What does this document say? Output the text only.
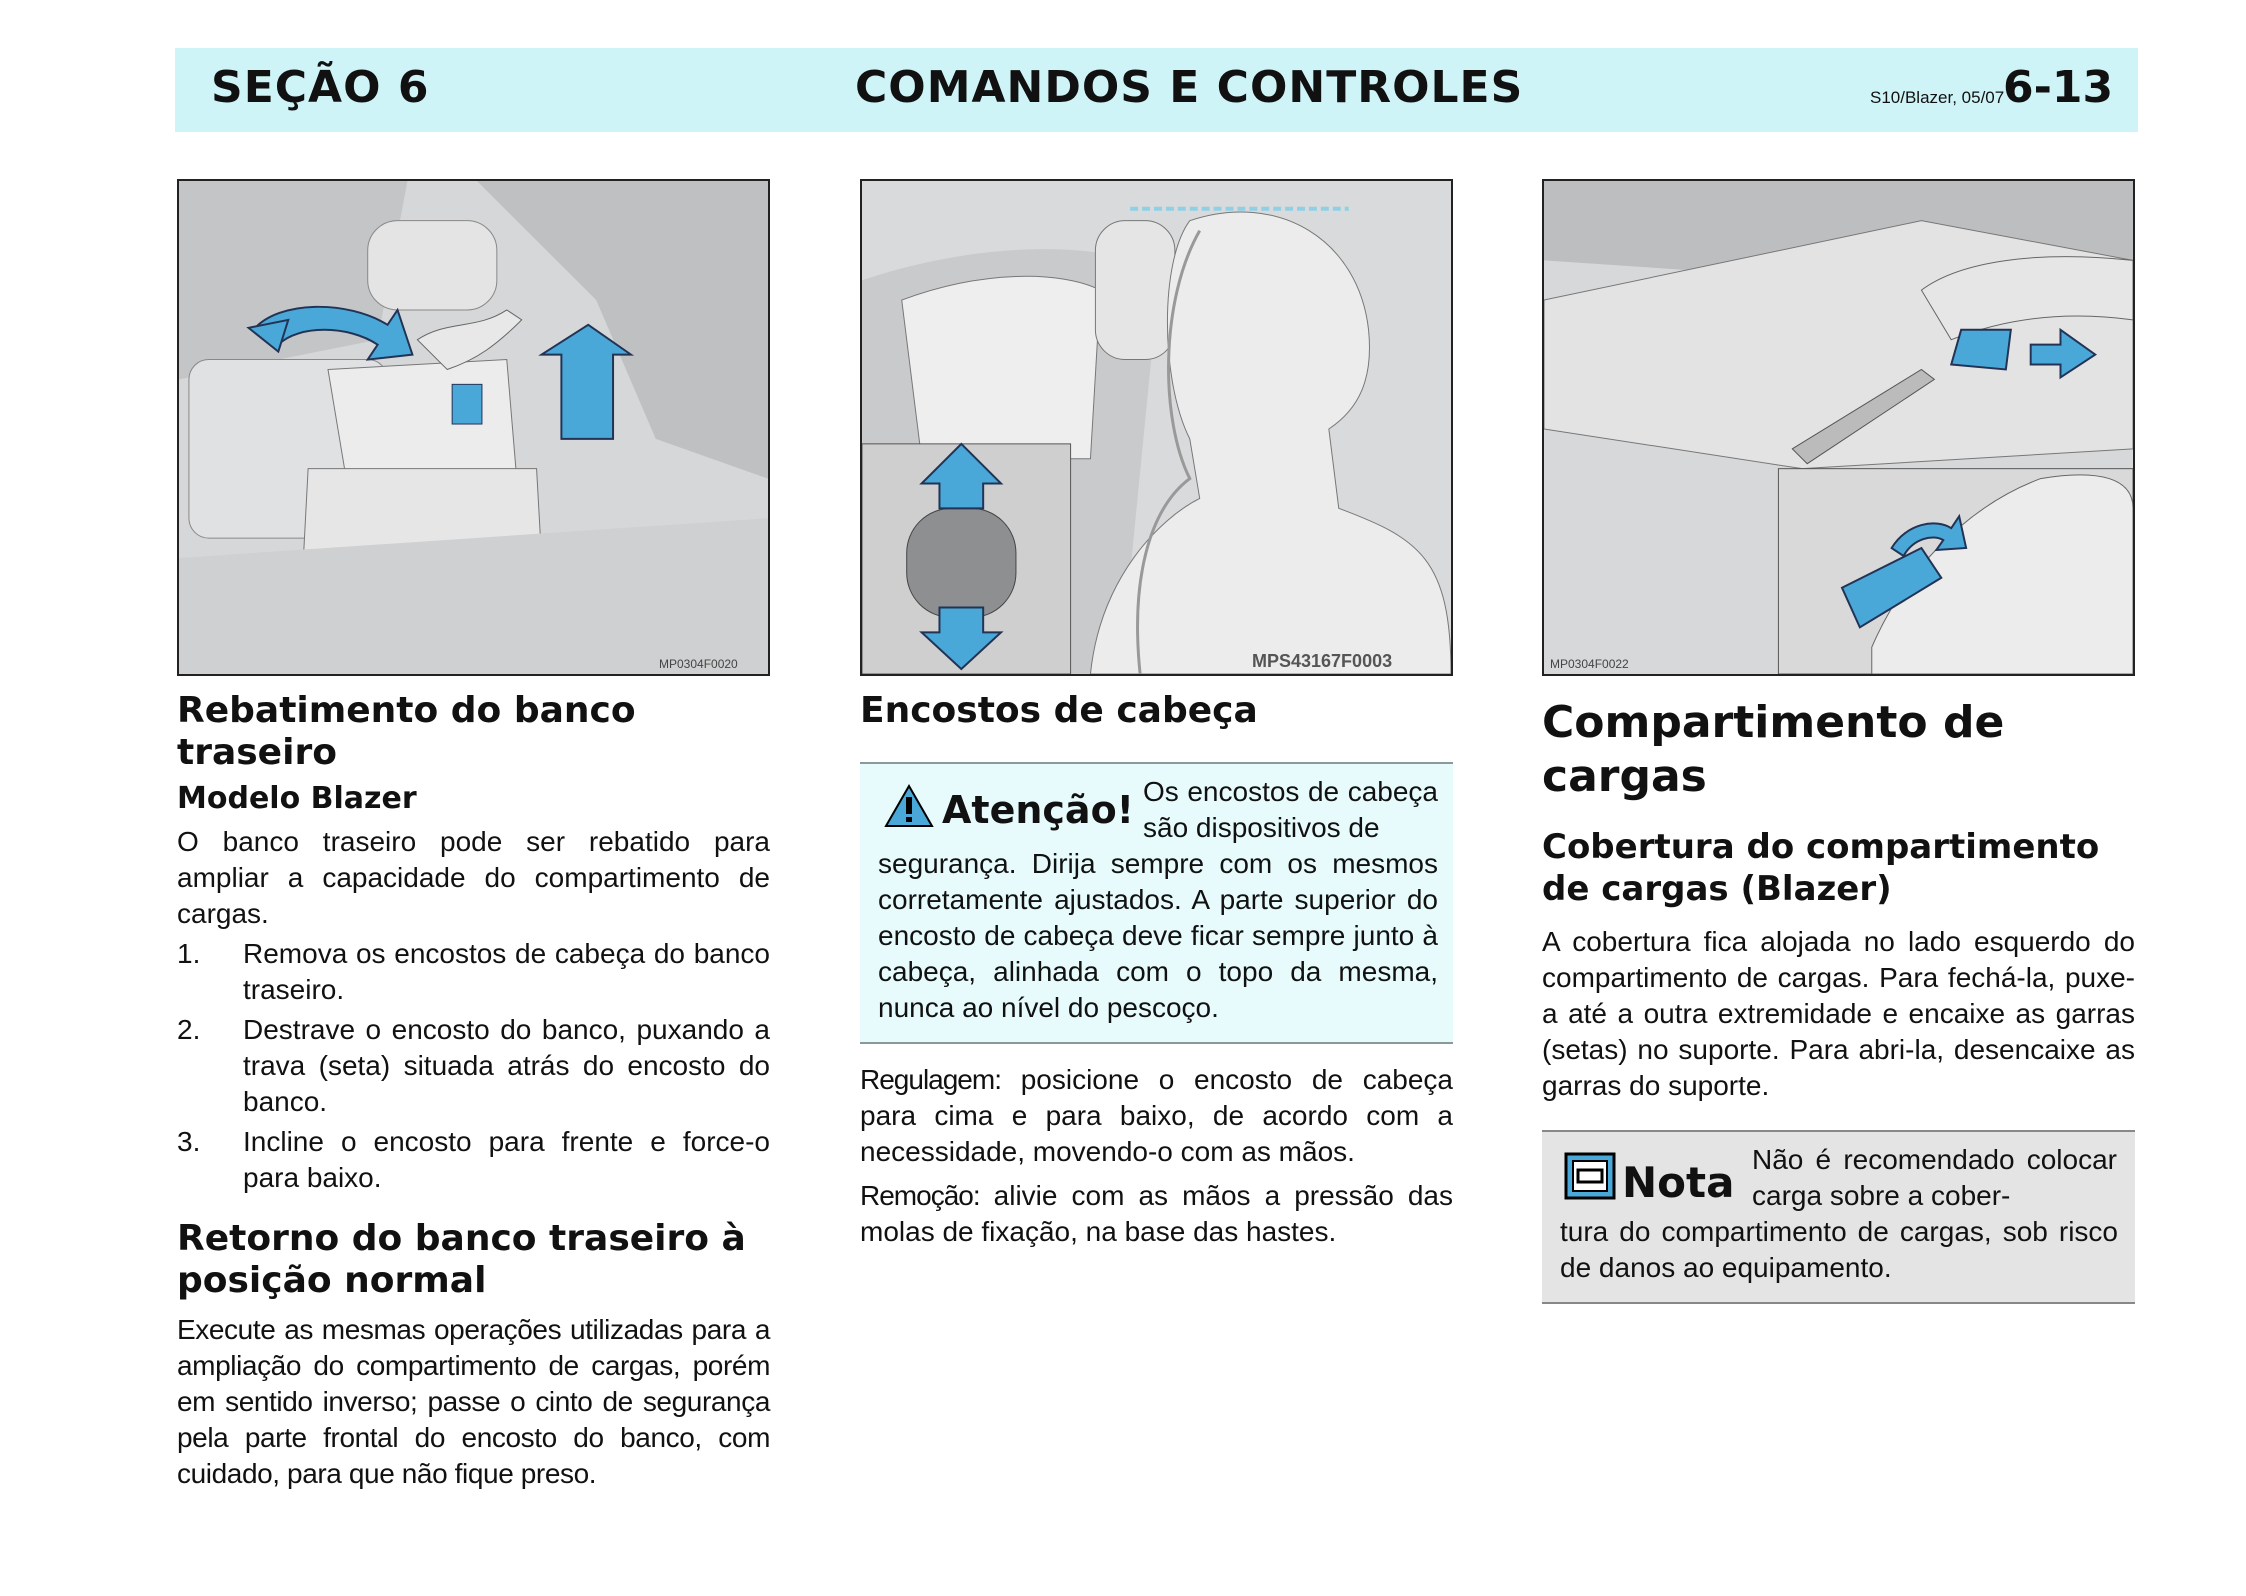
SEÇÃO 6	COMANDOS E CONTROLES	S10/Blazer, 05/07
6-13
MP0304F0020	MPS43167F0003	MP0304F0022
Rebatimento do banco traseiro
Modelo Blazer

O banco traseiro pode ser rebatido para ampliar a capacidade do compartimento de cargas.

1. Remova os encostos de cabeça do banco traseiro.
2. Destrave o encosto do banco, puxando a trava (seta) situada atrás do encosto do banco.
3. Incline o encosto para frente e force-o para baixo.
Retorno do banco traseiro à posição normal

Execute as mesmas operações utilizadas para a ampliação do compartimento de cargas, porém em sentido inverso; passe o cinto de segurança pela parte frontal do encosto do banco, com cuidado, para que não fique preso.

Encostos de cabeça
Atenção! Os encostos de cabeça são dispositivos de
segurança. Dirija sempre com os mesmos corretamente ajustados. A parte superior do encosto de cabeça deve ficar sempre junto à cabeça, alinhada com o topo da mesma, nunca ao nível do pescoço.

Regulagem: posicione o encosto de cabeça para cima e para baixo, de acordo com a necessidade, movendo-o com as mãos.

Remoção: alivie com as mãos a pressão das molas de fixação, na base das hastes.

Compartimento de cargas
Cobertura do compartimento de cargas (Blazer)

A cobertura fica alojada no lado esquerdo do compartimento de cargas. Para fechá-la, puxe-a até a outra extremidade e encaixe as garras (setas) no suporte. Para abri-la, desencaixe as garras do suporte.

Nota Não é recomendado colocar carga sobre a cober-
tura do compartimento de cargas, sob risco de danos ao equipamento.
